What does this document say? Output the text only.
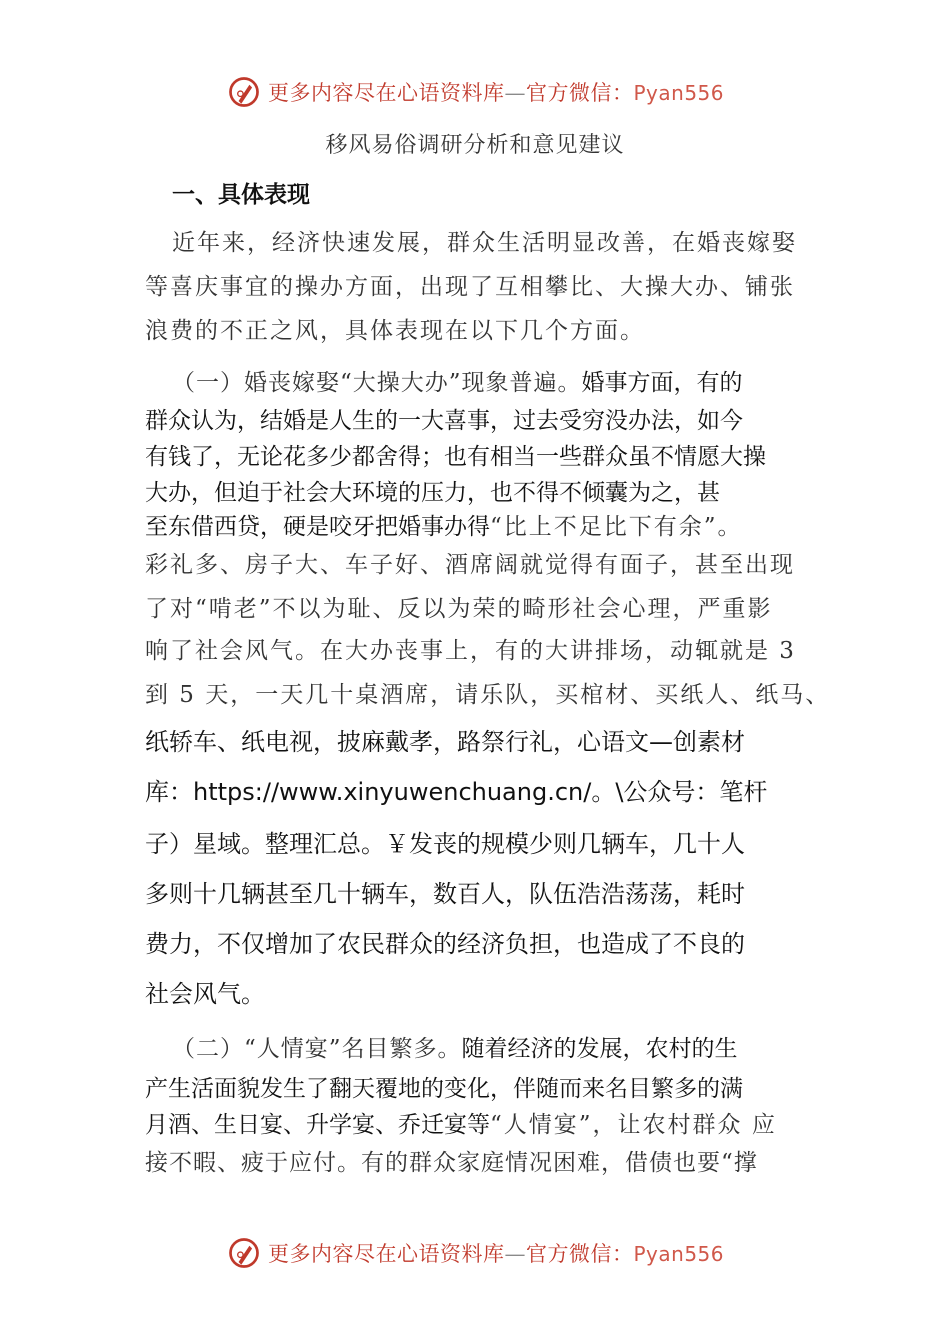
更多内容尽在心语资料库—官方微信：Pyan556
移风易俗调研分析和意见建议
一、具体表现
近年来，经济快速发展，群众生活明显改善，在婚丧嫁娶
等喜庆事宜的操办方面，出现了互相攀比、大操大办、铺张
浪费的不正之风，具体表现在以下几个方面。
（一）婚丧嫁娶“大操大办”现象普遍。婚事方面，有的
群众认为，结婚是人生的一大喜事，过去受穷没办法，如今
有钱了，无论花多少都舍得；也有相当一些群众虽不情愿大操
大办，但迫于社会大环境的压力，也不得不倾囊为之，甚
至东借西贷，硬是咬牙把婚事办得“比上不足比下有余”。
彩礼多、房子大、车子好、酒席阔就觉得有面子，甚至出现
了对“啃老”不以为耻、反以为荣的畸形社会心理，严重影
响了社会风气。在大办丧事上，有的大讲排场，动辄就是 3
到 5 天，一天几十桌酒席，请乐队，买棺材、买纸人、纸马、
纸轿车、纸电视，披麻戴孝，路祭行礼，心语文—创素材
库：https://www.xinyuwenchuang.cn/。\公众号：笔杆
子）星域。整理汇总。￥发丧的规模少则几辆车，几十人
多则十几辆甚至几十辆车，数百人，队伍浩浩荡荡，耗时
费力，不仅增加了农民群众的经济负担，也造成了不良的
社会风气。
（二）“人情宴”名目繁多。随着经济的发展，农村的生
产生活面貌发生了翻天覆地的变化，伴随而来名目繁多的满
月酒、生日宴、升学宴、乔迁宴等“人情宴”，让农村群众 应
接不暇、疲于应付。有的群众家庭情况困难，借债也要“撑
更多内容尽在心语资料库—官方微信：Pyan556
